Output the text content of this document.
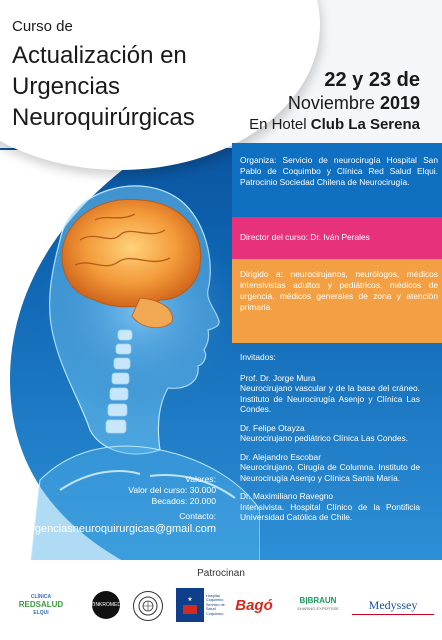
Curso de
Actualización en
Urgencias
Neuroquirúrgicas
22 y 23 de
Noviembre 2019
En Hotel Club La Serena
Organiza: Servicio de neurocirugía Hospital San Pablo de Coquimbo y Clínica Red Salud Elqui. Patrocinio Sociedad Chilena de Neurocirugía.
Director del curso: Dr. Iván Perales
Dirigido a: neurocirujanos, neurólogos, médicos intensivistas adultos y pediátricos, médicos de urgencia, médicos generales de zona y atención primaria.
Invitados:
Prof. Dr. Jorge Mura
Neurocirujano vascular y de la base del cráneo. Instituto de Neurocirugía Asenjo y Clínica Las Condes.
Dr. Felipe Otayza
Neurocirujano pediátrico Clínica Las Condes.
Dr. Alejandro Escobar
Neurocirujano, Cirugía de Columna. Instituto de Neurocirugía Asenjo y Clínica Santa María.
Dr. Maximiliano Ravegno
Intensivista. Hospital Clínico de la Pontificia Universidad Católica de Chile.
Valores:
Valor del curso: 30.000
Becados: 20.000
Contacto:
urgenciasneuroquirurgicas@gmail.com
Patrocinan
CLÍNICA
REDSALUD
ELQUI
ZINKROMED
★
Hospital Coquimbo Servicio de Salud Coquimbo
Bagó	B|BRAUN
SHARING EXPERTISE Medyssey
